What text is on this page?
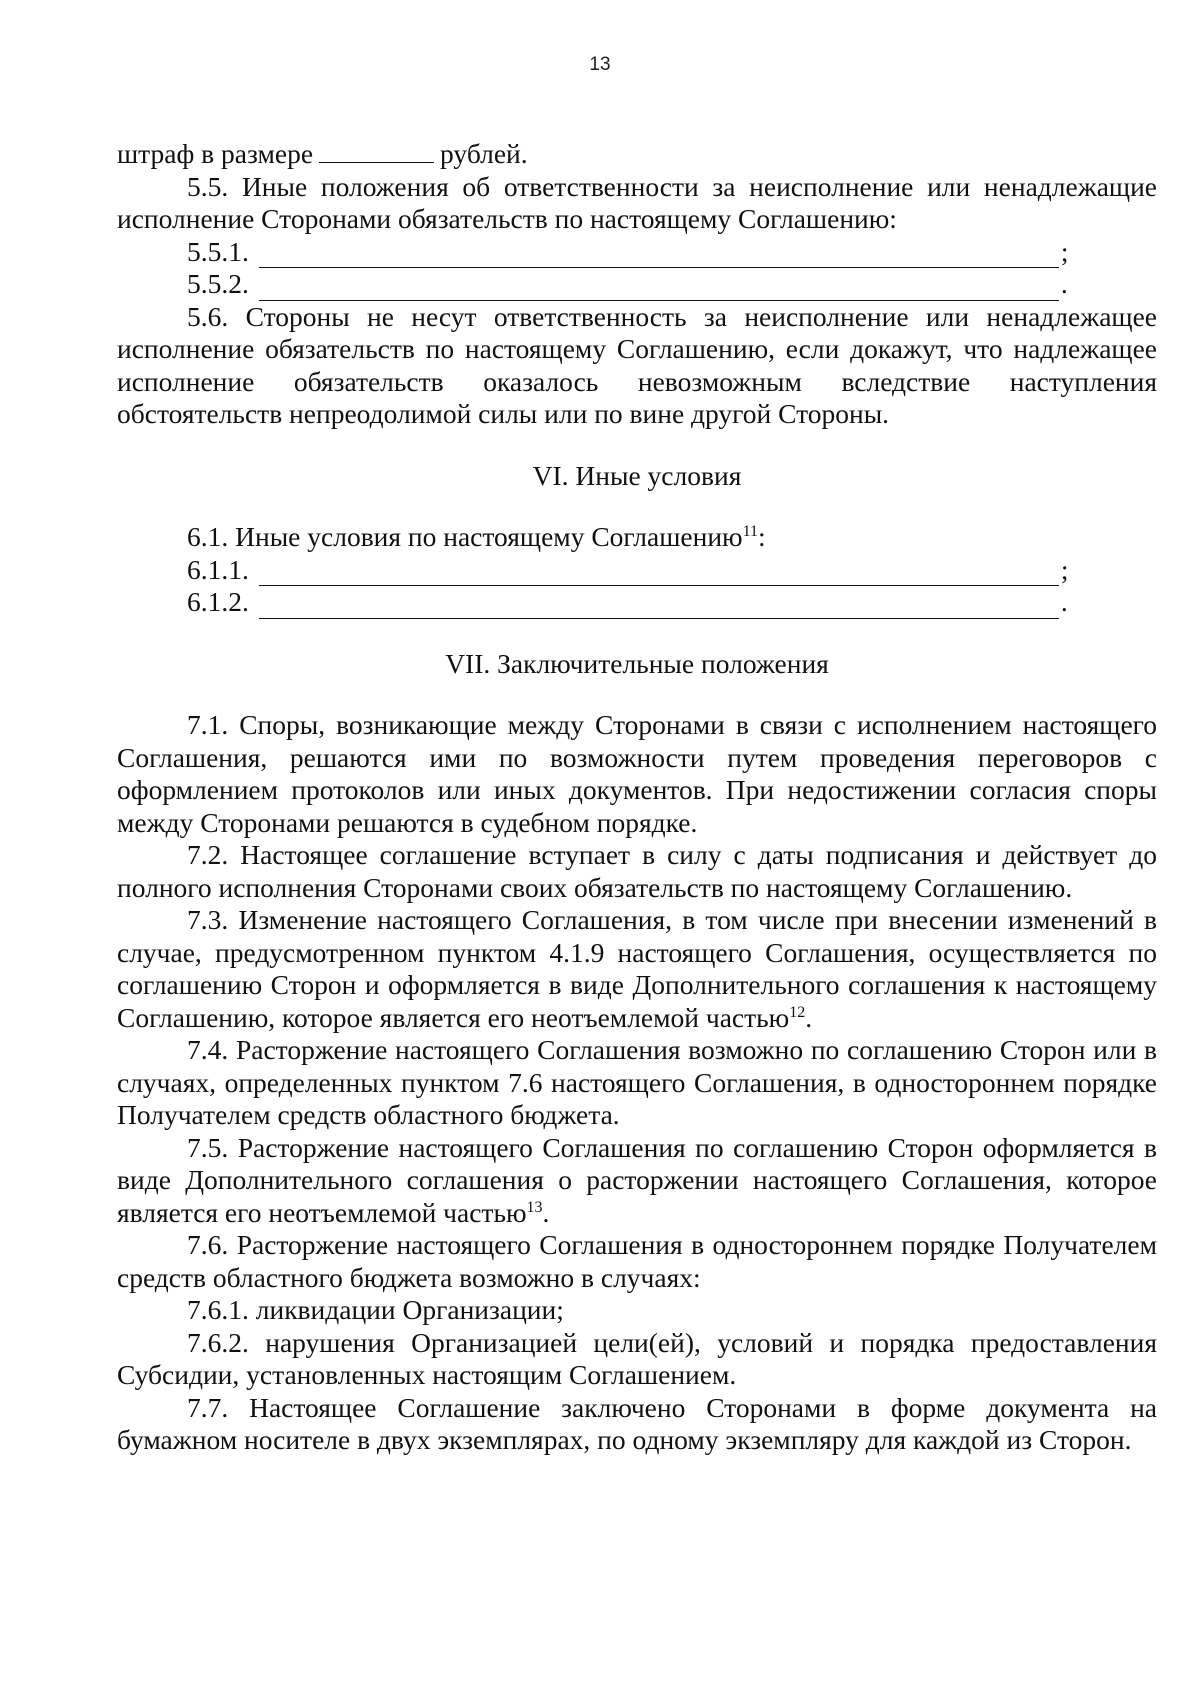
13

штраф в размере	рублей.

5.5. Иные положения об ответственности за неисполнение или ненадлежащие исполнение Сторонами обязательств по настоящему Соглашению:

5.5.1.	;
5.5.2.	.

5.6. Стороны не несут ответственность за неисполнение или ненадлежащее исполнение обязательств по настоящему Соглашению, если докажут, что надлежащее исполнение обязательств оказалось невозможным вследствие наступления обстоятельств непреодолимой силы или по вине другой Стороны.

VI. Иные условия

6.1. Иные условия по настоящему Соглашению$^{11}$:

6.1.1.	;
6.1.2.	.

VII. Заключительные положения

7.1. Споры, возникающие между Сторонами в связи с исполнением настоящего Соглашения, решаются ими по возможности путем проведения переговоров с оформлением протоколов или иных документов. При недостижении согласия споры между Сторонами решаются в судебном порядке.

7.2. Настоящее соглашение вступает в силу с даты подписания и действует до полного исполнения Сторонами своих обязательств по настоящему Соглашению.

7.3. Изменение настоящего Соглашения, в том числе при внесении изменений в случае, предусмотренном пунктом 4.1.9 настоящего Соглашения, осуществляется по соглашению Сторон и оформляется в виде Дополнительного соглашения к настоящему Соглашению, которое является его неотъемлемой частью$^{12}$.

7.4. Расторжение настоящего Соглашения возможно по соглашению Сторон или в случаях, определенных пунктом 7.6 настоящего Соглашения, в одностороннем порядке Получателем средств областного бюджета.

7.5. Расторжение настоящего Соглашения по соглашению Сторон оформляется в виде Дополнительного соглашения о расторжении настоящего Соглашения, которое является его неотъемлемой частью$^{13}$.

7.6. Расторжение настоящего Соглашения в одностороннем порядке Получателем средств областного бюджета возможно в случаях:

7.6.1. ликвидации Организации;

7.6.2. нарушения Организацией цели(ей), условий и порядка предоставления Субсидии, установленных настоящим Соглашением.

7.7. Настоящее Соглашение заключено Сторонами в форме документа на бумажном носителе в двух экземплярах, по одному экземпляру для каждой из Сторон.
